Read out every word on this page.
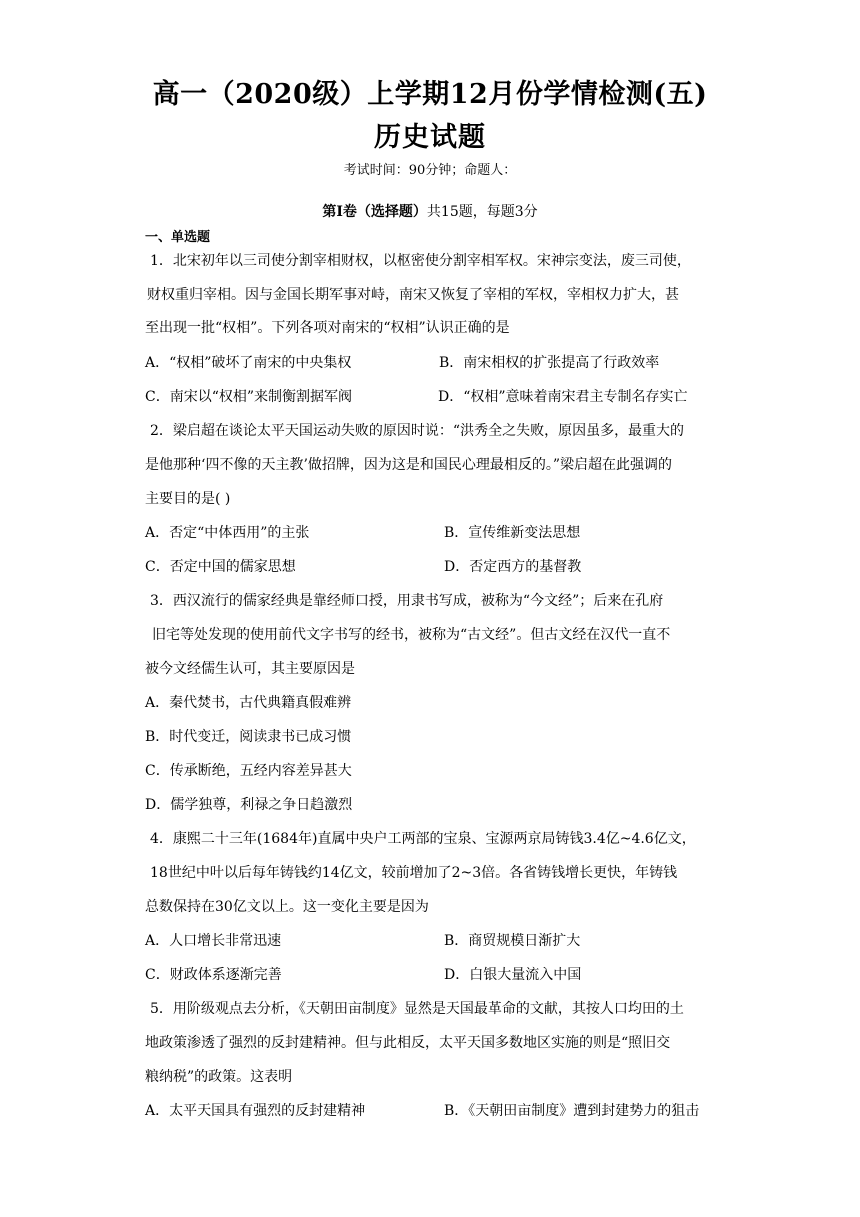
高一（2020级）上学期12月份学情检测(五)
历史试题
考试时间：90分钟；命题人：
第I卷（选择题）共15题，每题3分
一、单选题
1．北宋初年以三司使分割宰相财权，以枢密使分割宰相军权。宋神宗变法，废三司使，
财权重归宰相。因与金国长期军事对峙，南宋又恢复了宰相的军权，宰相权力扩大，甚
至出现一批“权相”。下列各项对南宋的“权相”认识正确的是
A．“权相”破坏了南宋的中央集权	B．南宋相权的扩张提高了行政效率
C．南宋以“权相”来制衡割据军阀	D．“权相”意味着南宋君主专制名存实亡
2．梁启超在谈论太平天国运动失败的原因时说：“洪秀全之失败，原因虽多，最重大的
是他那种‘四不像的天主教’做招牌，因为这是和国民心理最相反的。”梁启超在此强调的
主要目的是( )
A．否定“中体西用”的主张	B．宣传维新变法思想
C．否定中国的儒家思想	D．否定西方的基督教
3．西汉流行的儒家经典是靠经师口授，用隶书写成，被称为“今文经”；后来在孔府
旧宅等处发现的使用前代文字书写的经书，被称为“古文经”。但古文经在汉代一直不
被今文经儒生认可，其主要原因是
A．秦代焚书，古代典籍真假难辨
B．时代变迁，阅读隶书已成习惯
C．传承断绝，五经内容差异甚大
D．儒学独尊，利禄之争日趋激烈
4．康熙二十三年(1684年)直属中央户工两部的宝泉、宝源两京局铸钱3.4亿~4.6亿文，
18世纪中叶以后每年铸钱约14亿文，较前增加了2~3倍。各省铸钱增长更快，年铸钱
总数保持在30亿文以上。这一变化主要是因为
A．人口增长非常迅速	B．商贸规模日渐扩大
C．财政体系逐渐完善	D．白银大量流入中国
5．用阶级观点去分析，《天朝田亩制度》显然是天国最革命的文献，其按人口均田的土
地政策渗透了强烈的反封建精神。但与此相反，太平天国多数地区实施的则是“照旧交
粮纳税”的政策。这表明
A．太平天国具有强烈的反封建精神	B．《天朝田亩制度》遭到封建势力的狙击
